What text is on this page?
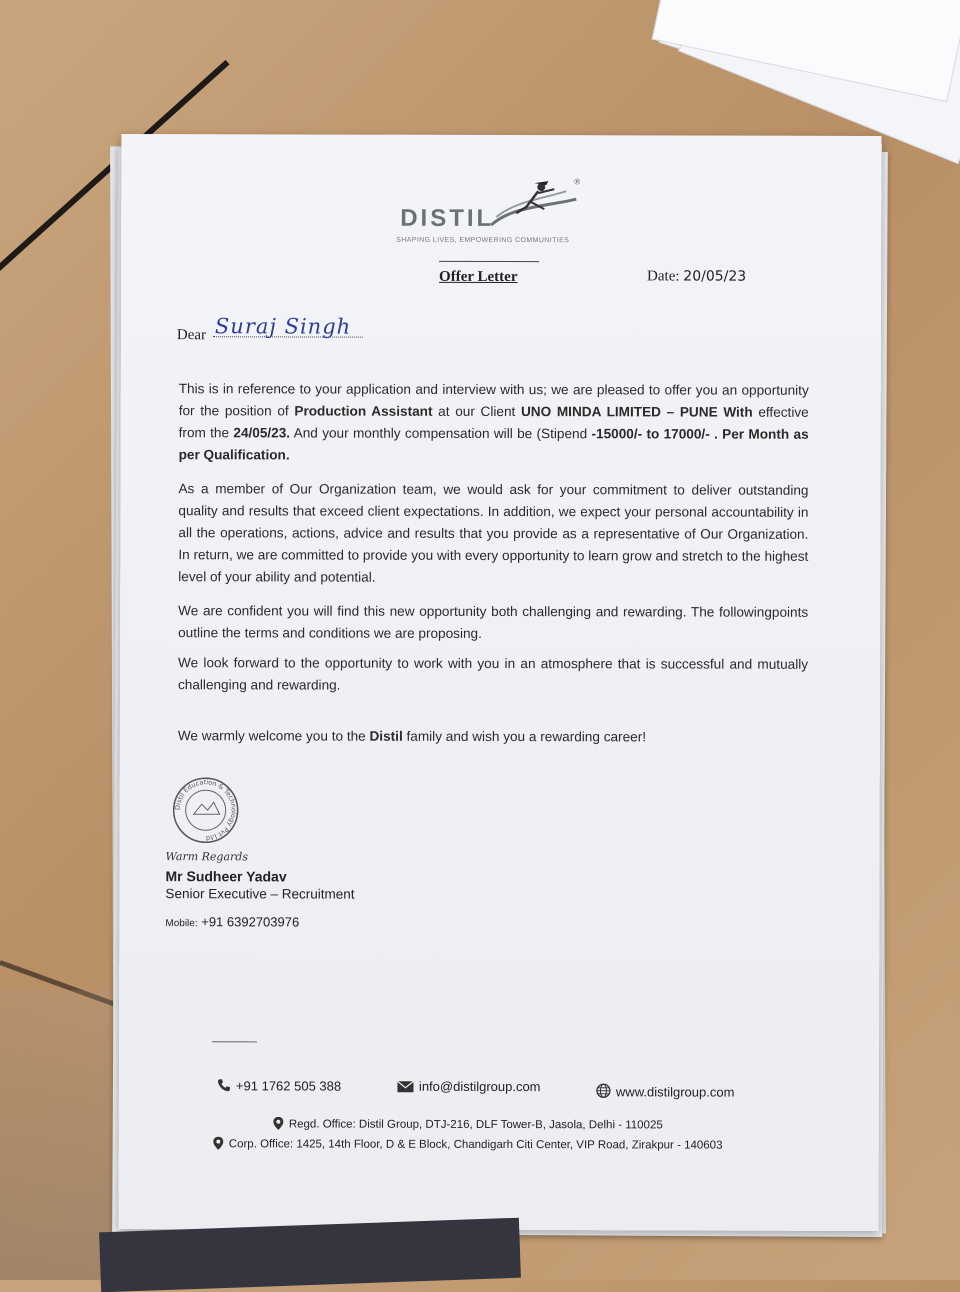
DISTIL
®
SHAPING LIVES, EMPOWERING COMMUNITIES
Offer Letter	Date: 20/05/23
Dear Suraj Singh
This is in reference to your application and interview with us; we are pleased to offer you an opportunity for the position of Production Assistant at our Client UNO MINDA LIMITED – PUNE With effective from the 24/05/23. And your monthly compensation will be (Stipend -15000/- to 17000/- . Per Month as per Qualification.
As a member of Our Organization team, we would ask for your commitment to deliver outstanding quality and results that exceed client expectations. In addition, we expect your personal accountability in all the operations, actions, advice and results that you provide as a representative of Our Organization. In return, we are committed to provide you with every opportunity to learn grow and stretch to the highest level of your ability and potential.
We are confident you will find this new opportunity both challenging and rewarding. The followingpoints outline the terms and conditions we are proposing.
We look forward to the opportunity to work with you in an atmosphere that is successful and mutually challenging and rewarding.
We warmly welcome you to the Distil family and wish you a rewarding career!
Distil Education & Technology Pvt Ltd
Warm Regards
Mr Sudheer Yadav
Senior Executive – Recruitment
Mobile: +91 6392703976
+91 1762 505 388	info@distilgroup.com	www.distilgroup.com
Regd. Office: Distil Group, DTJ-216, DLF Tower-B, Jasola, Delhi - 110025
Corp. Office: 1425, 14th Floor, D & E Block, Chandigarh Citi Center, VIP Road, Zirakpur - 140603
